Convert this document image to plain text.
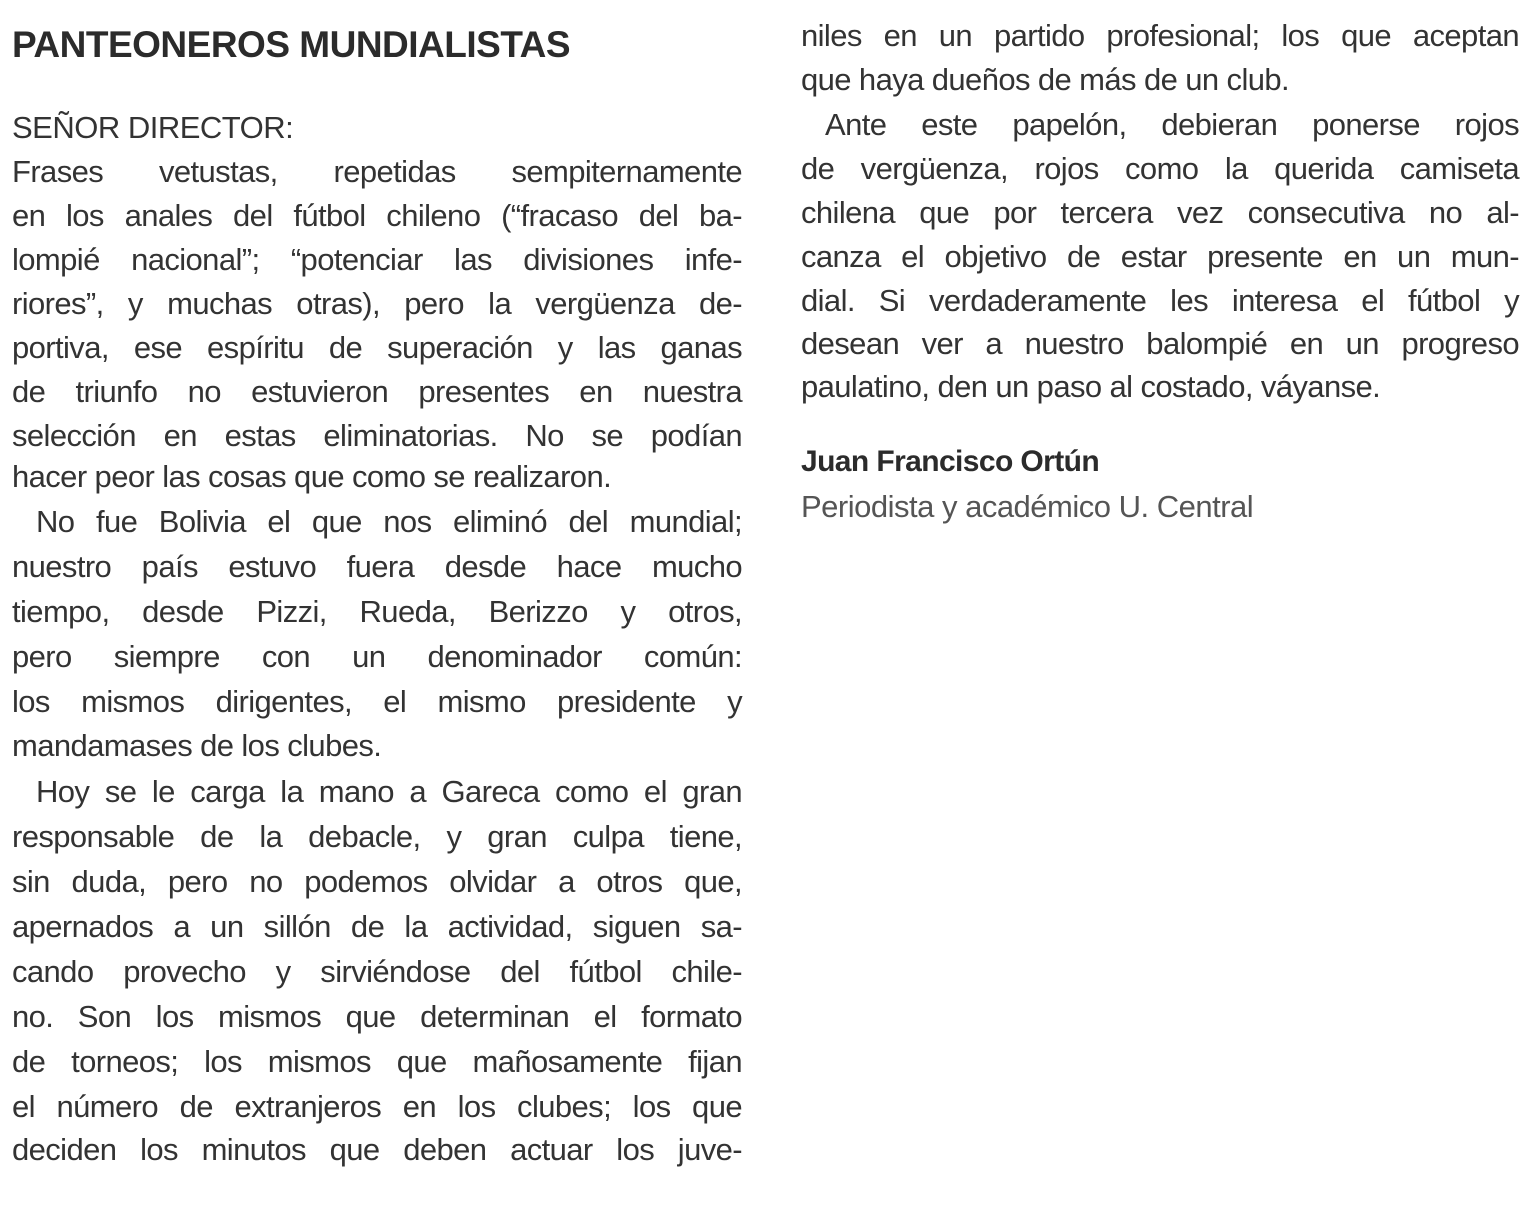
PANTEONEROS MUNDIALISTAS
SEÑOR DIRECTOR:
Frases vetustas, repetidas sempiternamente
en los anales del fútbol chileno (“fracaso del ba-
lompié nacional”; “potenciar las divisiones infe-
riores”, y muchas otras), pero la vergüenza de-
portiva, ese espíritu de superación y las ganas
de triunfo no estuvieron presentes en nuestra
selección en estas eliminatorias. No se podían
hacer peor las cosas que como se realizaron.
No fue Bolivia el que nos eliminó del mundial;
nuestro país estuvo fuera desde hace mucho
tiempo, desde Pizzi, Rueda, Berizzo y otros,
pero siempre con un denominador común:
los mismos dirigentes, el mismo presidente y
mandamases de los clubes.
Hoy se le carga la mano a Gareca como el gran
responsable de la debacle, y gran culpa tiene,
sin duda, pero no podemos olvidar a otros que,
apernados a un sillón de la actividad, siguen sa-
cando provecho y sirviéndose del fútbol chile-
no. Son los mismos que determinan el formato
de torneos; los mismos que mañosamente fijan
el número de extranjeros en los clubes; los que
deciden los minutos que deben actuar los juve-
niles en un partido profesional; los que aceptan
que haya dueños de más de un club.
Ante este papelón, debieran ponerse rojos
de vergüenza, rojos como la querida camiseta
chilena que por tercera vez consecutiva no al-
canza el objetivo de estar presente en un mun-
dial. Si verdaderamente les interesa el fútbol y
desean ver a nuestro balompié en un progreso
paulatino, den un paso al costado, váyanse.
Juan Francisco Ortún
Periodista y académico U. Central
